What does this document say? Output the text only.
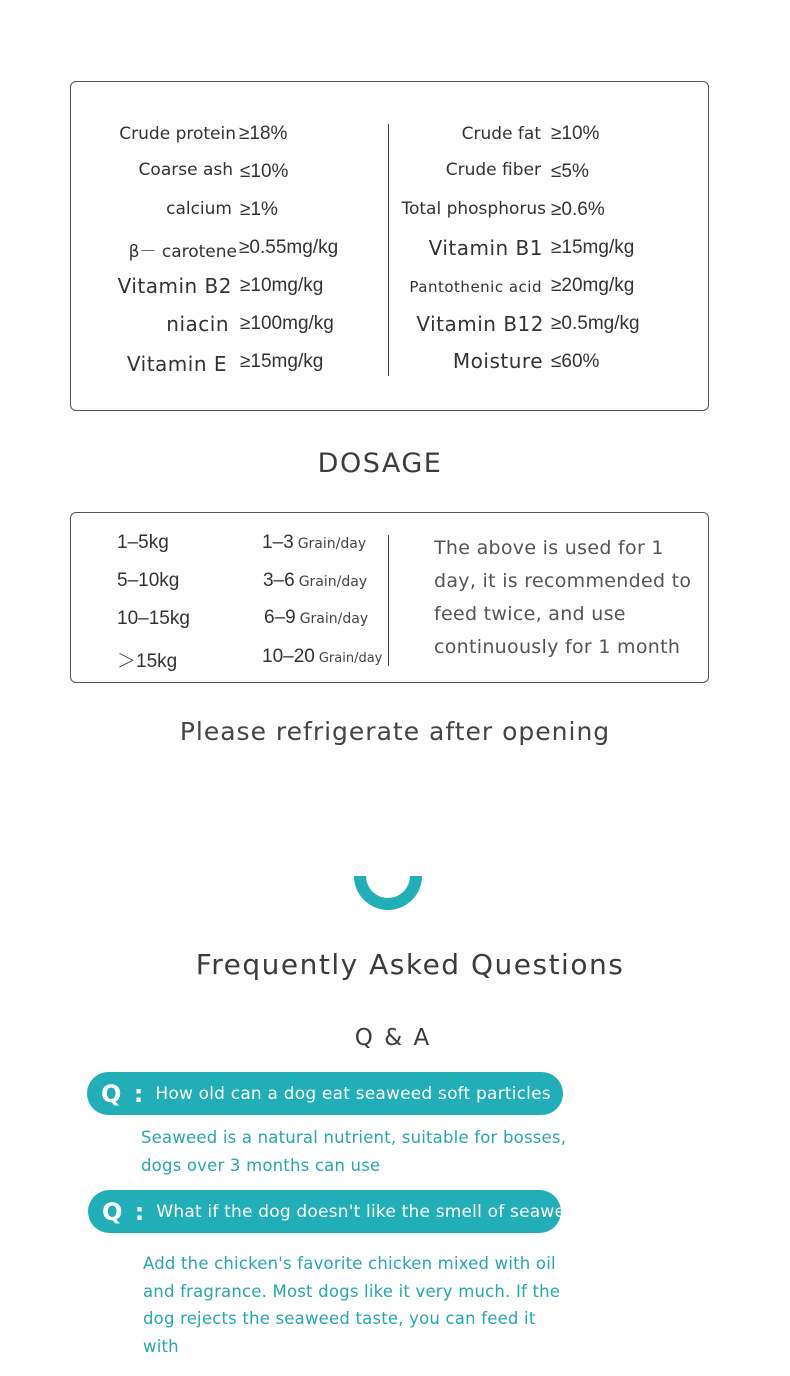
Crude protein ≥18%
Coarse ash ≤10%
calcium ≥1%
β－ carotene ≥0.55mg/kg
Vitamin B2 ≥10mg/kg
niacin ≥100mg/kg
Vitamin E ≥15mg/kg
Crude fat ≥10%
Crude fiber ≤5%
Total phosphorus ≥0.6%
Vitamin B1 ≥15mg/kg
Pantothenic acid ≥20mg/kg
Vitamin B12 ≥0.5mg/kg
Moisture ≤60%
DOSAGE
1–5kg	1–3 Grain/day
5–10kg	3–6 Grain/day
10–15kg	6–9 Grain/day
＞15kg	10–20 Grain/day
The above is used for 1 day, it is recommended to feed twice, and use continuously for 1 month
Please refrigerate after opening
Frequently Asked Questions
Q & A
Q : How old can a dog eat seaweed soft particles
Seaweed is a natural nutrient, suitable for bosses, dogs over 3 months can use
Q : What if the dog doesn't like the smell of seaweed
Add the chicken's favorite chicken mixed with oil and fragrance. Most dogs like it very much. If the dog rejects the seaweed taste, you can feed it with
